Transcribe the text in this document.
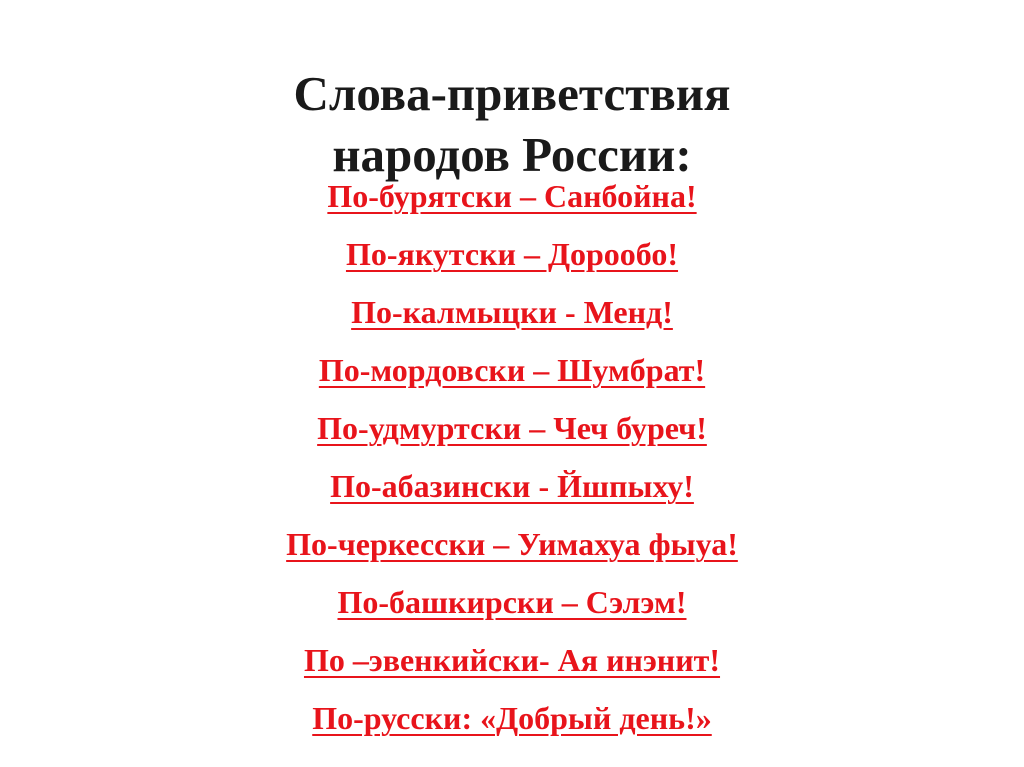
Слова-приветствия
народов России:
По-бурятски – Санбойна!
По-якутски – Дорообо!
По-калмыцки - Менд!
По-мордовски – Шумбрат!
По-удмуртски – Чеч буреч!
По-абазински - Йшпыху!
По-черкесски – Уимахуа фыуа!
По-башкирски – Сэлэм!
По –эвенкийски- Ая инэнит!
По-русски: «Добрый день!»
